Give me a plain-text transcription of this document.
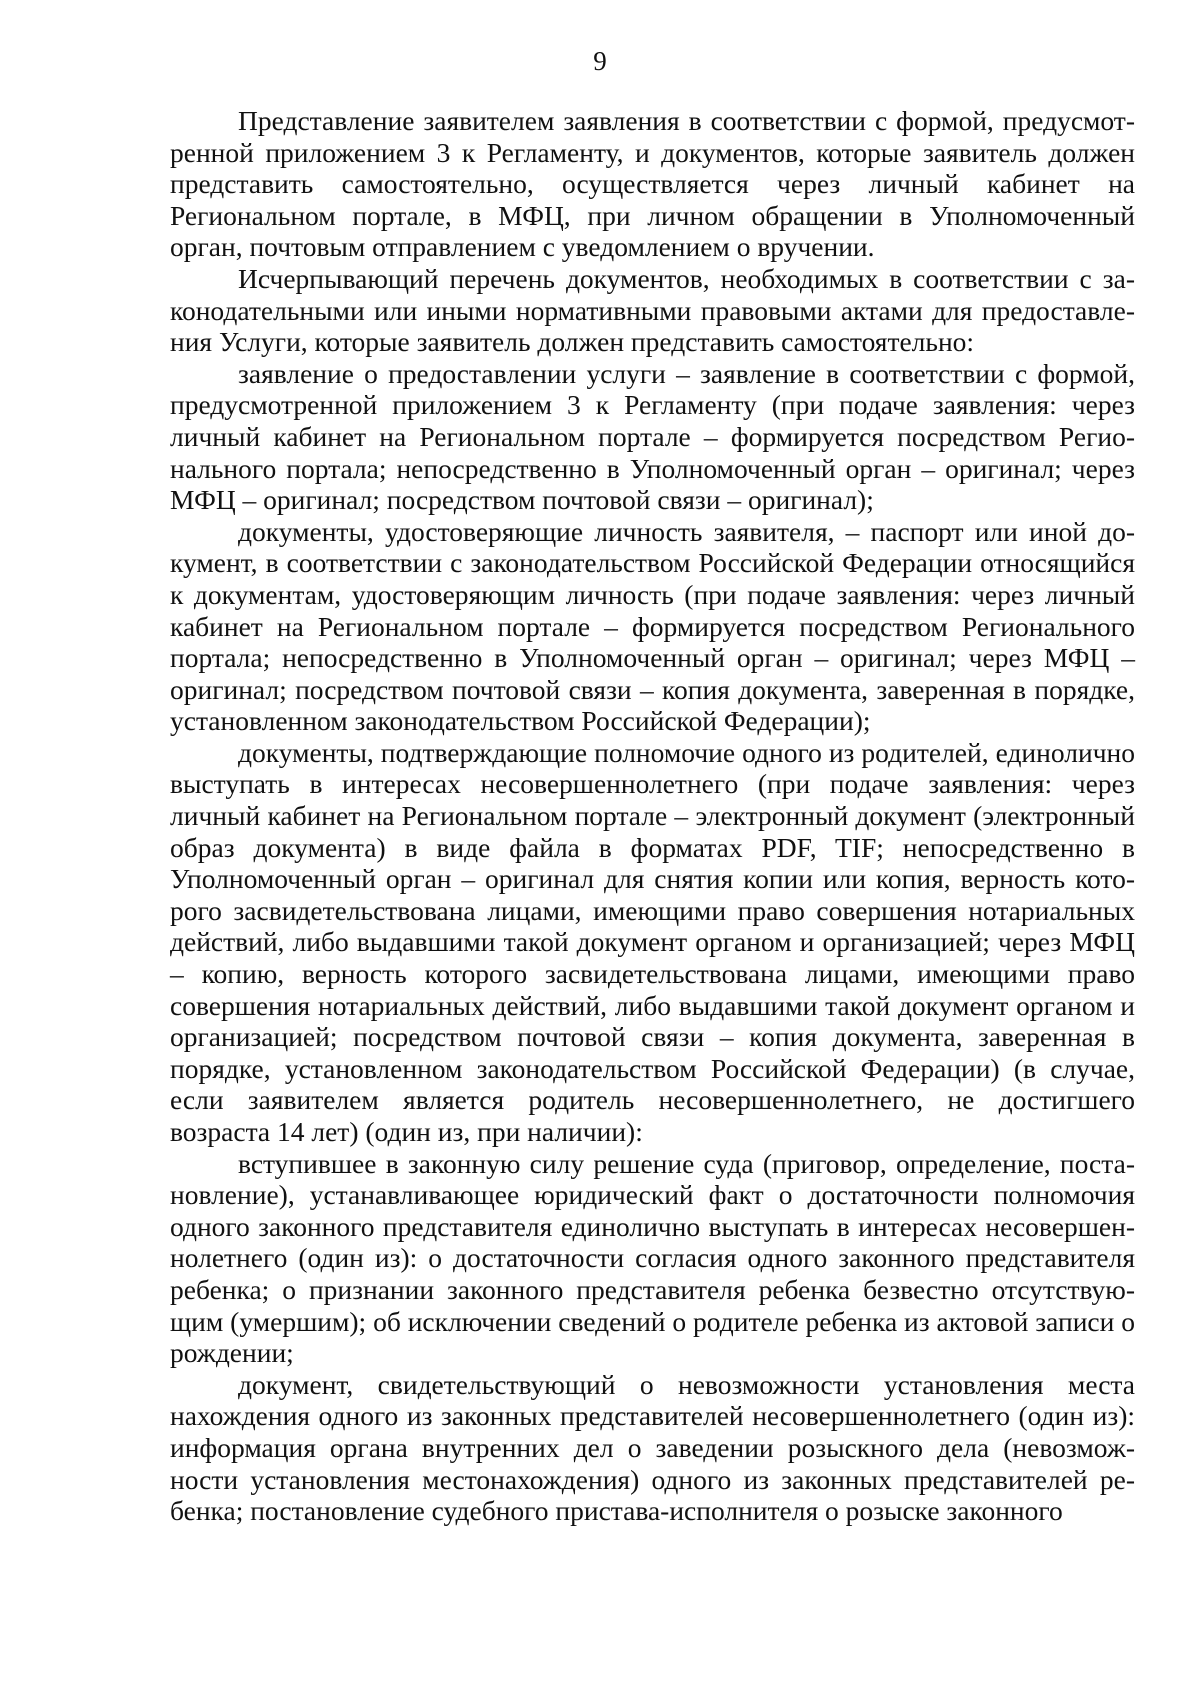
9

Представление заявителем заявления в соответствии с формой, предусмотренной приложением 3 к Регламенту, и документов, которые заявитель должен представить самостоятельно, осуществляется через личный кабинет на Региональном портале, в МФЦ, при личном обращении в Уполномоченный орган, почтовым отправлением с уведомлением о вручении.

Исчерпывающий перечень документов, необходимых в соответствии с законодательными или иными нормативными правовыми актами для предоставления Услуги, которые заявитель должен представить самостоятельно:

заявление о предоставлении услуги – заявление в соответствии с формой, предусмотренной приложением 3 к Регламенту (при подаче заявления: через личный кабинет на Региональном портале – формируется посредством Регионального портала; непосредственно в Уполномоченный орган – оригинал; через МФЦ – оригинал; посредством почтовой связи – оригинал);

документы, удостоверяющие личность заявителя, – паспорт или иной документ, в соответствии с законодательством Российской Федерации относящийся к документам, удостоверяющим личность (при подаче заявления: через личный кабинет на Региональном портале – формируется посредством Регионального портала; непосредственно в Уполномоченный орган – оригинал; через МФЦ – оригинал; посредством почтовой связи – копия документа, заверенная в порядке, установленном законодательством Российской Федерации);

документы, подтверждающие полномочие одного из родителей, единолично выступать в интересах несовершеннолетнего (при подаче заявления: через личный кабинет на Региональном портале – электронный документ (электронный образ документа) в виде файла в форматах PDF, TIF; непосредственно в Уполномоченный орган – оригинал для снятия копии или копия, верность которого засвидетельствована лицами, имеющими право совершения нотариальных действий, либо выдавшими такой документ органом и организацией; через МФЦ – копию, верность которого засвидетельствована лицами, имеющими право совершения нотариальных действий, либо выдавшими такой документ органом и организацией; посредством почтовой связи – копия документа, заверенная в порядке, установленном законодательством Российской Федерации) (в случае, если заявителем является родитель несовершеннолетнего, не достигшего возраста 14 лет) (один из, при наличии):

вступившее в законную силу решение суда (приговор, определение, постановление), устанавливающее юридический факт о достаточности полномочия одного законного представителя единолично выступать в интересах несовершеннолетнего (один из): о достаточности согласия одного законного представителя ребенка; о признании законного представителя ребенка безвестно отсутствующим (умершим); об исключении сведений о родителе ребенка из актовой записи о рождении;

документ, свидетельствующий о невозможности установления места нахождения одного из законных представителей несовершеннолетнего (один из): информация органа внутренних дел о заведении розыскного дела (невозможности установления местонахождения) одного из законных представителей ребенка; постановление судебного пристава-исполнителя о розыске законного
